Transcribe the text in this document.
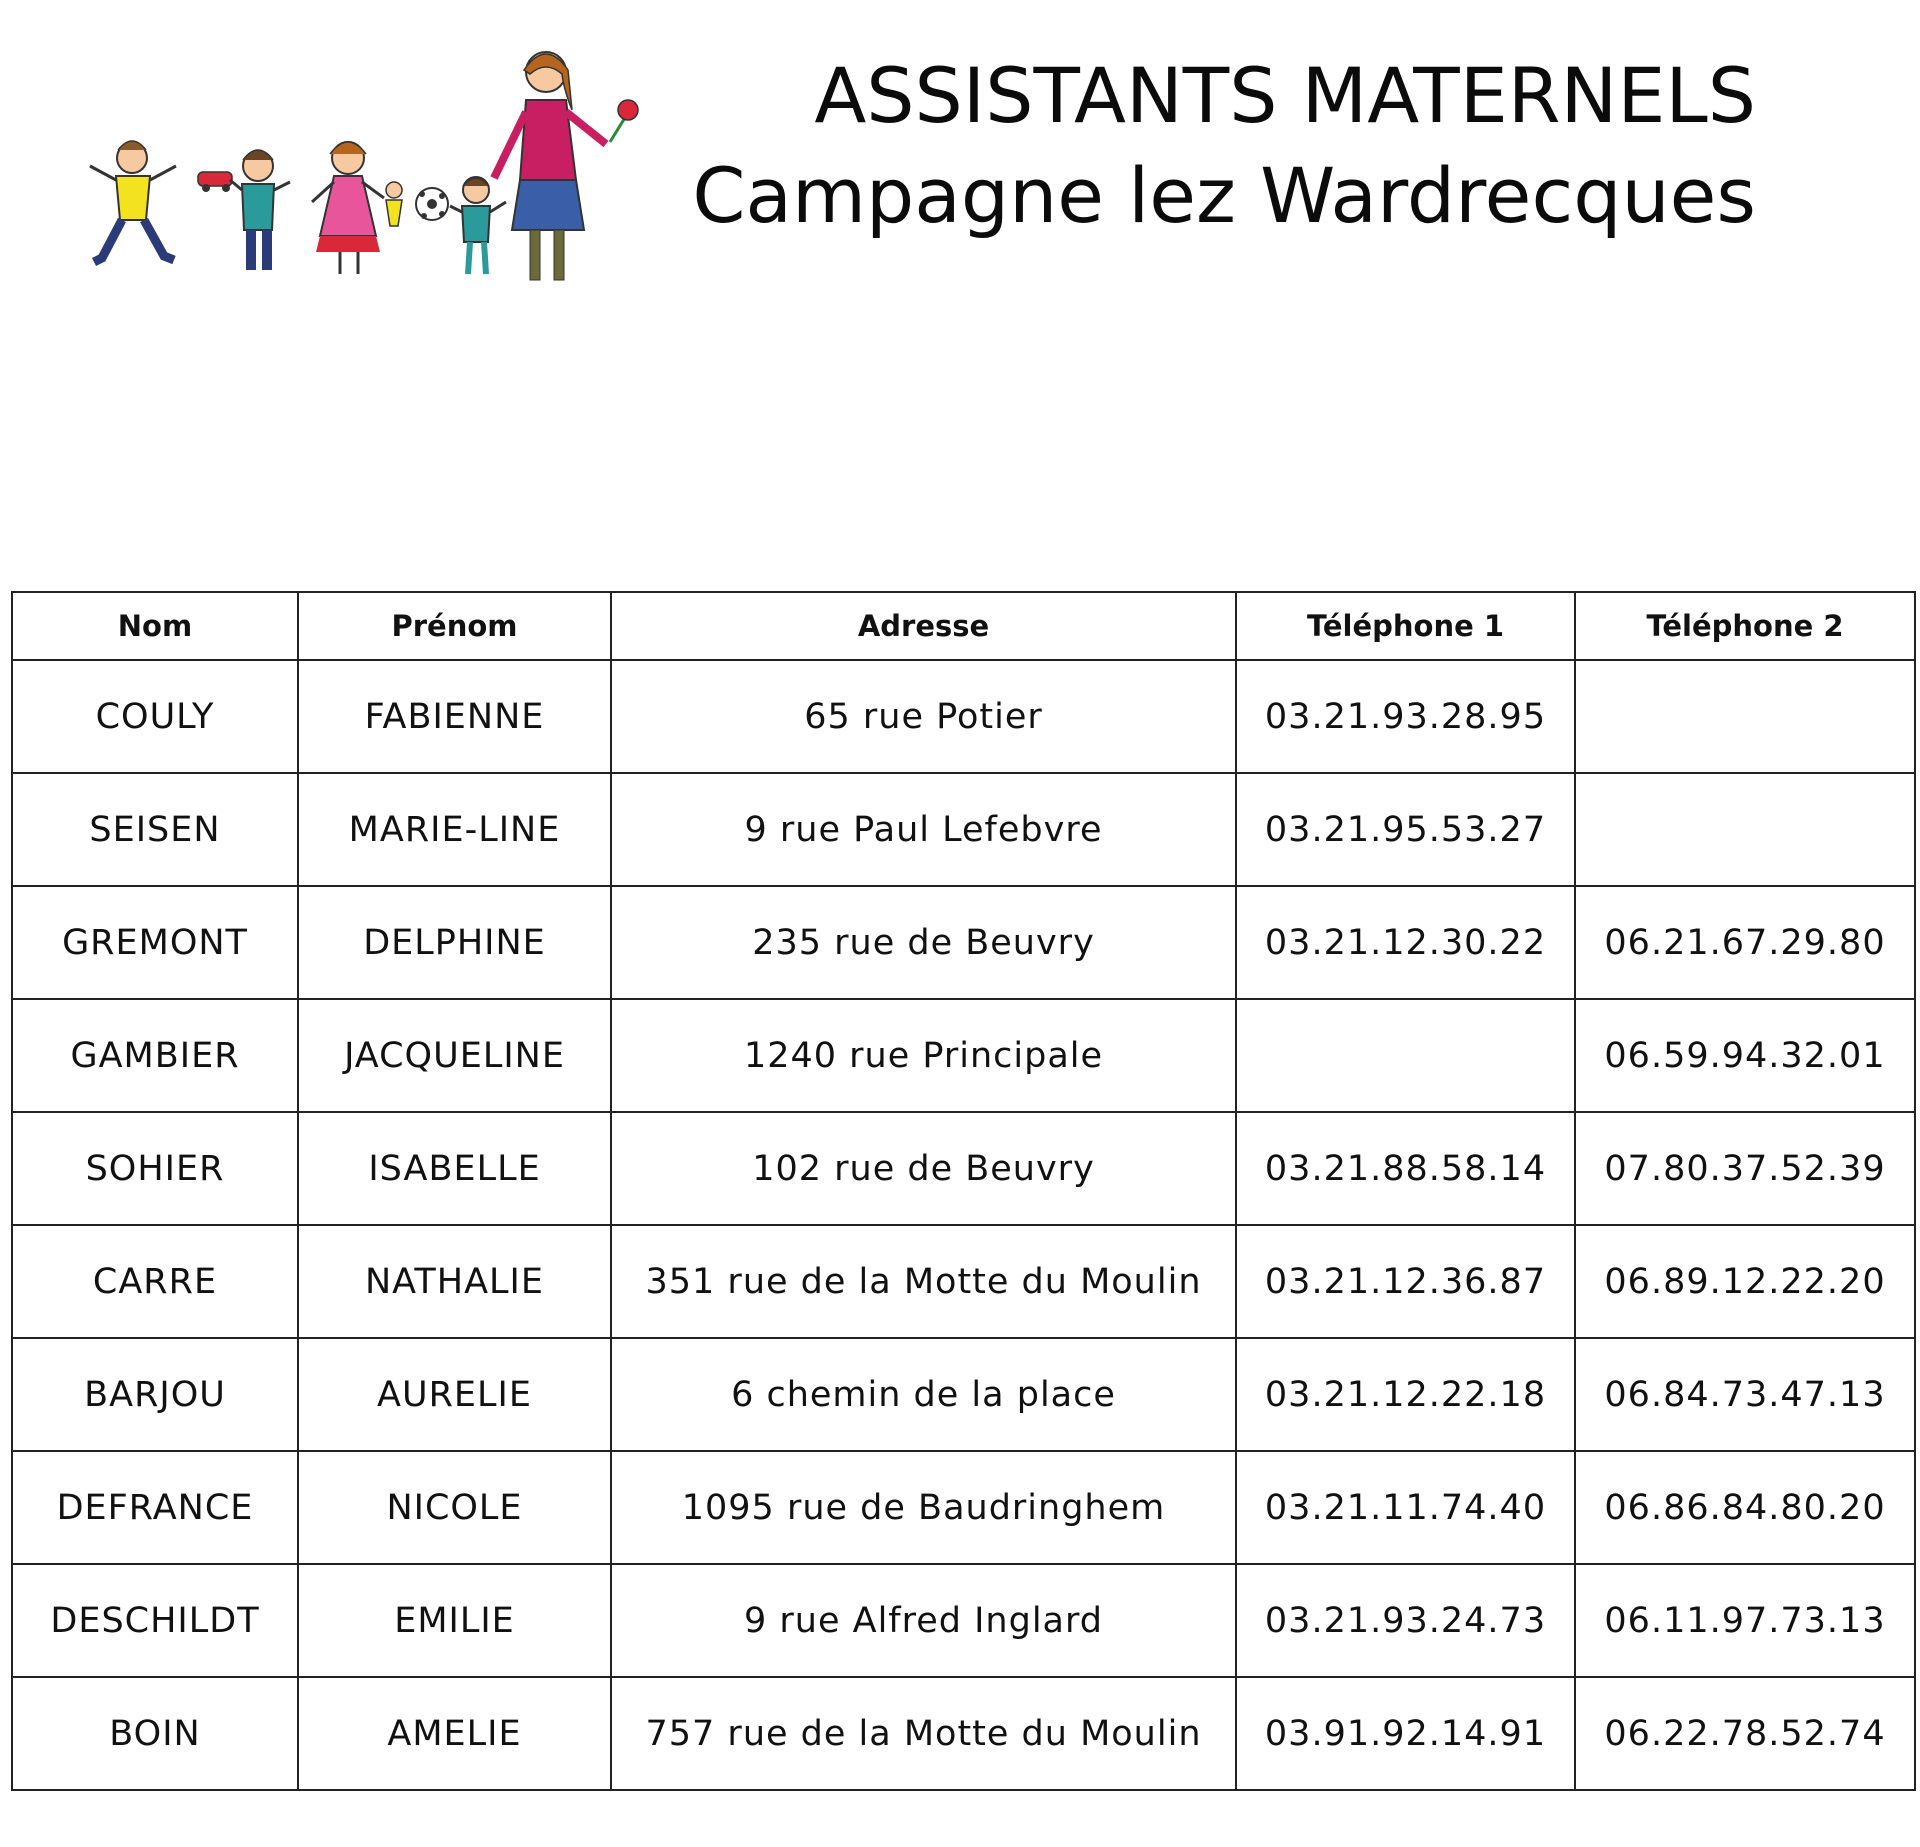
ASSISTANTS MATERNELS
Campagne lez Wardrecques
Nom	Prénom	Adresse	Téléphone 1	Téléphone 2
COULY	FABIENNE	65 rue Potier	03.21.93.28.95	
SEISEN	MARIE-LINE	9 rue Paul Lefebvre	03.21.95.53.27	
GREMONT	DELPHINE	235 rue de Beuvry	03.21.12.30.22	06.21.67.29.80
GAMBIER	JACQUELINE	1240 rue Principale		06.59.94.32.01
SOHIER	ISABELLE	102 rue de Beuvry	03.21.88.58.14	07.80.37.52.39
CARRE	NATHALIE	351 rue de la Motte du Moulin	03.21.12.36.87	06.89.12.22.20
BARJOU	AURELIE	6 chemin de la place	03.21.12.22.18	06.84.73.47.13
DEFRANCE	NICOLE	1095 rue de Baudringhem	03.21.11.74.40	06.86.84.80.20
DESCHILDT	EMILIE	9 rue Alfred Inglard	03.21.93.24.73	06.11.97.73.13
BOIN	AMELIE	757 rue de la Motte du Moulin	03.91.92.14.91	06.22.78.52.74
